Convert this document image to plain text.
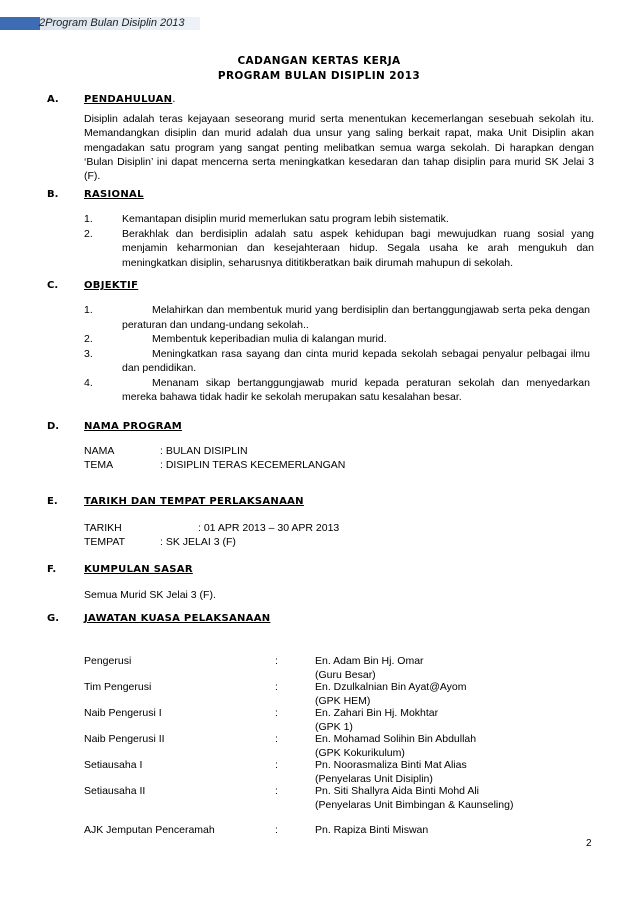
2Program Bulan Disiplin 2013
CADANGAN KERTAS KERJA
PROGRAM BULAN DISIPLIN 2013
A.	PENDAHULUAN.
Disiplin adalah teras kejayaan seseorang murid serta menentukan kecemerlangan sesebuah sekolah itu. Memandangkan disiplin dan murid adalah dua unsur yang saling berkait rapat, maka Unit Disiplin akan mengadakan satu program yang sangat penting melibatkan semua warga sekolah. Di harapkan dengan ‘Bulan Disiplin’ ini dapat mencerna serta meningkatkan kesedaran dan tahap disiplin para murid SK Jelai 3 (F).
B.	RASIONAL
1.	Kemantapan disiplin murid memerlukan satu program lebih sistematik.
2.	Berakhlak dan berdisiplin adalah satu aspek kehidupan bagi mewujudkan ruang sosial yang menjamin keharmonian dan kesejahteraan hidup. Segala usaha ke arah mengukuh dan meningkatkan disiplin, seharusnya dititikberatkan baik dirumah mahupun di sekolah.
C.	OBJEKTIF
1.	Melahirkan dan membentuk murid yang berdisiplin dan bertanggungjawab serta peka dengan peraturan dan undang-undang sekolah..
2.	Membentuk keperibadian mulia di kalangan murid.
3.	Meningkatkan rasa sayang dan cinta murid kepada sekolah sebagai penyalur pelbagai ilmu dan pendidikan.
4.	Menanam sikap bertanggungjawab murid kepada peraturan sekolah dan menyedarkan mereka bahawa tidak hadir ke sekolah merupakan satu kesalahan besar.
D. NAMA PROGRAM
NAMA	: BULAN DISIPLIN
TEMA	: DISIPLIN TERAS KECEMERLANGAN
E.	TARIKH DAN TEMPAT PERLAKSANAAN
TARIKH	: 01 APR 2013 – 30 APR 2013
TEMPAT	: SK JELAI 3 (F)
F.	KUMPULAN SASAR
Semua Murid SK Jelai 3 (F).
G. JAWATAN KUASA PELAKSANAAN
Pengerusi	:	En. Adam Bin Hj. Omar
(Guru Besar)
Tim Pengerusi	:	En. Dzulkalnian Bin Ayat@Ayom
(GPK HEM)
Naib Pengerusi I	:	En. Zahari Bin Hj. Mokhtar
(GPK 1)
Naib Pengerusi II	:	En. Mohamad Solihin Bin Abdullah
(GPK Kokurikulum)
Setiausaha I	:	Pn. Noorasmaliza Binti Mat Alias
(Penyelaras Unit Disiplin)
Setiausaha II	:	Pn. Siti Shallyra Aida Binti Mohd Ali
(Penyelaras Unit Bimbingan & Kaunseling)
AJK Jemputan Penceramah	:	Pn. Rapiza Binti Miswan
2
